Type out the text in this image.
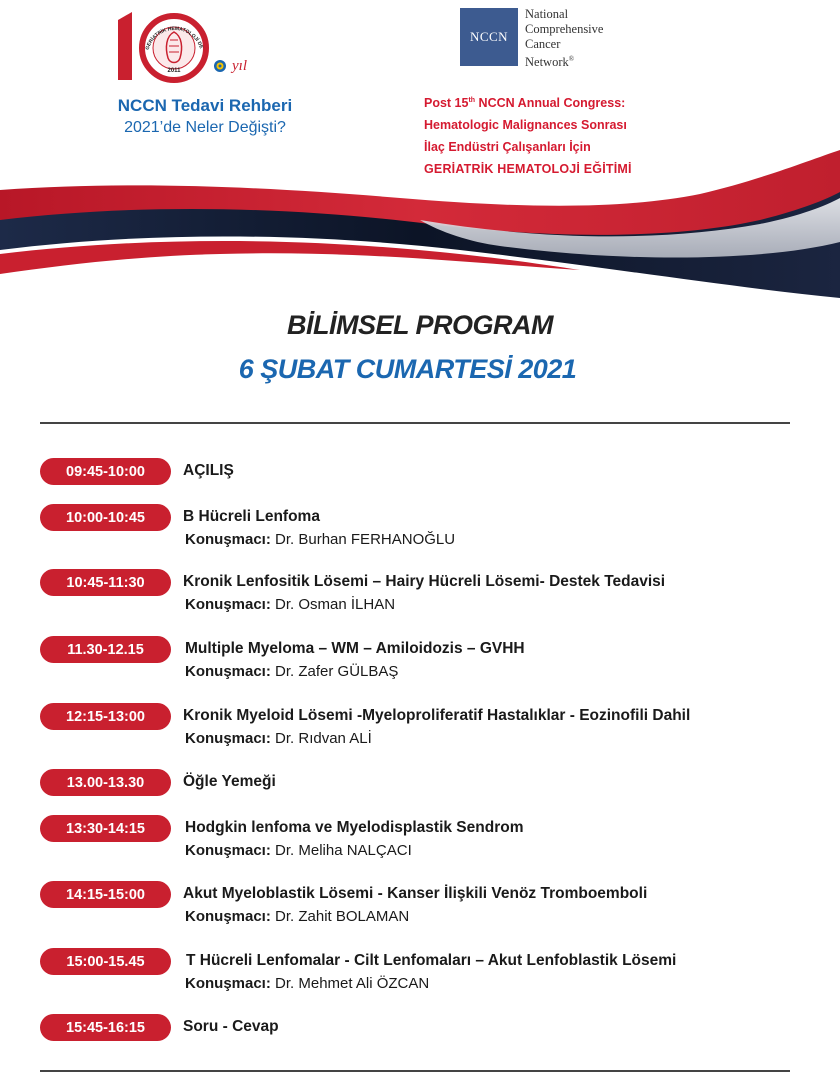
2011
GERİATRİK HEMATOLOJİ DE
yıl
NCCN
National
Comprehensive
Cancer
Network®
NCCN Tedavi Rehberi
2021’de Neler Değişti?
Post 15th NCCN Annual Congress:
Hematologic Malignances Sonrası
İlaç Endüstri Çalışanları İçin
GERİATRİK HEMATOLOJİ EĞİTİMİ
BİLİMSEL PROGRAM
6 ŞUBAT CUMARTESİ 2021
09:45-10:00	AÇILIŞ
10:00-10:45	B Hücreli Lenfoma
Konuşmacı: Dr. Burhan FERHANOĞLU
10:45-11:30	Kronik Lenfositik Lösemi – Hairy Hücreli Lösemi- Destek Tedavisi
Konuşmacı: Dr. Osman İLHAN
11.30-12.15	Multiple Myeloma – WM – Amiloidozis – GVHH
Konuşmacı: Dr. Zafer GÜLBAŞ
12:15-13:00	Kronik Myeloid Lösemi -Myeloproliferatif Hastalıklar - Eozinofili Dahil
Konuşmacı: Dr. Rıdvan ALİ
13.00-13.30	Öğle Yemeği
13:30-14:15	Hodgkin lenfoma ve Myelodisplastik Sendrom
Konuşmacı: Dr. Meliha NALÇACI
14:15-15:00	Akut Myeloblastik Lösemi - Kanser İlişkili Venöz Tromboemboli
Konuşmacı: Dr. Zahit BOLAMAN
15:00-15.45	T Hücreli Lenfomalar - Cilt Lenfomaları – Akut Lenfoblastik Lösemi
Konuşmacı: Dr. Mehmet Ali ÖZCAN
15:45-16:15	Soru - Cevap
